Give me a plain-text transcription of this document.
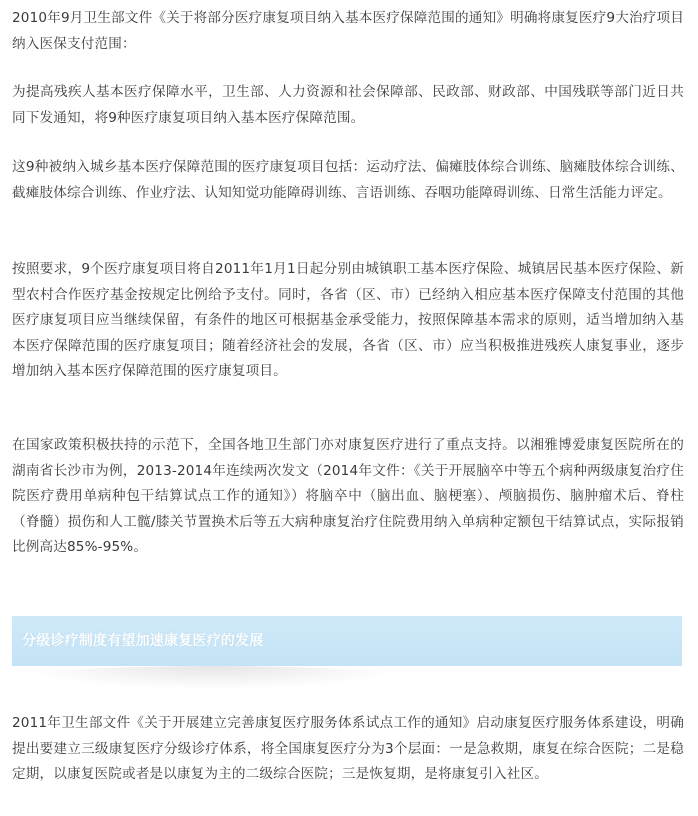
2010年9月卫生部文件《关于将部分医疗康复项目纳入基本医疗保障范围的通知》明确将康复医疗9大治疗项目纳入医保支付范围：

为提高残疾人基本医疗保障水平，卫生部、人力资源和社会保障部、民政部、财政部、中国残联等部门近日共同下发通知，将9种医疗康复项目纳入基本医疗保障范围。

这9种被纳入城乡基本医疗保障范围的医疗康复项目包括：运动疗法、偏瘫肢体综合训练、脑瘫肢体综合训练、截瘫肢体综合训练、作业疗法、认知知觉功能障碍训练、言语训练、吞咽功能障碍训练、日常生活能力评定。

按照要求，9个医疗康复项目将自2011年1月1日起分别由城镇职工基本医疗保险、城镇居民基本医疗保险、新型农村合作医疗基金按规定比例给予支付。同时，各省（区、市）已经纳入相应基本医疗保障支付范围的其他医疗康复项目应当继续保留，有条件的地区可根据基金承受能力，按照保障基本需求的原则，适当增加纳入基本医疗保障范围的医疗康复项目；随着经济社会的发展，各省（区、市）应当积极推进残疾人康复事业，逐步增加纳入基本医疗保障范围的医疗康复项目。

在国家政策积极扶持的示范下，全国各地卫生部门亦对康复医疗进行了重点支持。以湘雅博爱康复医院所在的湖南省长沙市为例，2013-2014年连续两次发文（2014年文件：《关于开展脑卒中等五个病种两级康复治疗住院医疗费用单病种包干结算试点工作的通知》）将脑卒中（脑出血、脑梗塞）、颅脑损伤、脑肿瘤术后、脊柱（脊髓）损伤和人工髋/膝关节置换术后等五大病种康复治疗住院费用纳入单病种定额包干结算试点，实际报销比例高达85%-95%。

2011年卫生部文件《关于开展建立完善康复医疗服务体系试点工作的通知》启动康复医疗服务体系建设，明确提出要建立三级康复医疗分级诊疗体系，将全国康复医疗分为3个层面：一是急救期，康复在综合医院；二是稳定期，以康复医院或者是以康复为主的二级综合医院；三是恢复期，是将康复引入社区。

分级诊疗制度有望加速康复医疗的发展
